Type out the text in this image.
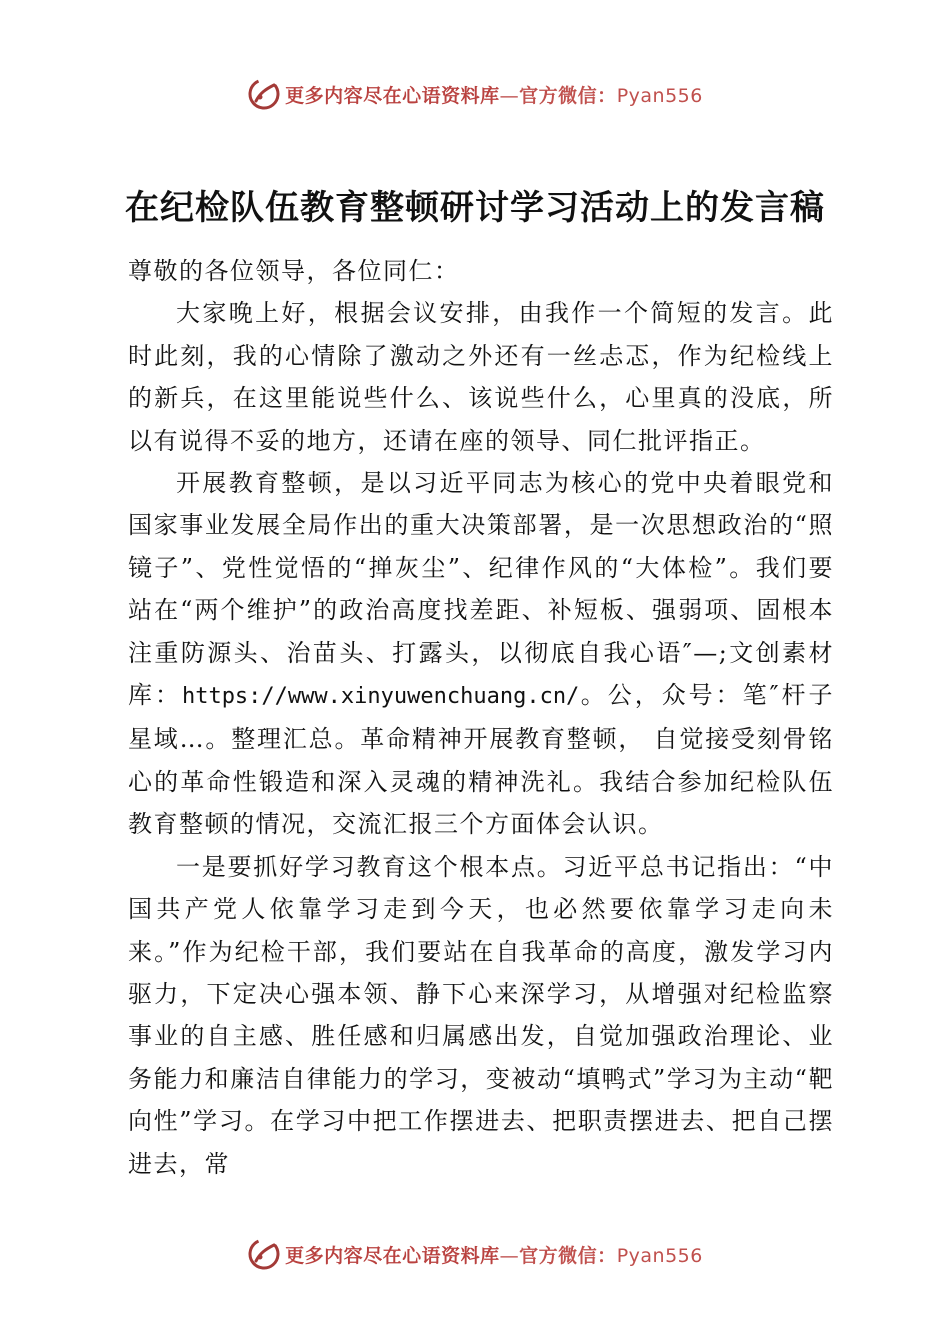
更多内容尽在心语资料库—官方微信：Pyan556
在纪检队伍教育整顿研讨学习活动上的发言稿

尊敬的各位领导，各位同仁：

大家晚上好，根据会议安排，由我作一个简短的发言。此时此刻，我的心情除了激动之外还有一丝忐忑，作为纪检线上的新兵，在这里能说些什么、该说些什么，心里真的没底，所以有说得不妥的地方，还请在座的领导、同仁批评指正。

开展教育整顿，是以习近平同志为核心的党中央着眼党和国家事业发展全局作出的重大决策部署，是一次思想政治的“照镜子”、党性觉悟的“掸灰尘”、纪律作风的“大体检”。我们要站在“两个维护”的政治高度找差距、补短板、强弱项、固根本注重防源头、治苗头、打露头，以彻底自我心语″—;文创素材库：https://www.xinyuwenchuang.cn/。公，众号：笔″杆子星域…。整理汇总。革命精神开展教育整顿， 自觉接受刻骨铭心的革命性锻造和深入灵魂的精神洗礼。我结合参加纪检队伍教育整顿的情况，交流汇报三个方面体会认识。

一是要抓好学习教育这个根本点。习近平总书记指出：“中国共产党人依靠学习走到今天，也必然要依靠学习走向未来。”作为纪检干部，我们要站在自我革命的高度，激发学习内驱力，下定决心强本领、静下心来深学习，从增强对纪检监察事业的自主感、胜任感和归属感出发，自觉加强政治理论、业务能力和廉洁自律能力的学习，变被动“填鸭式”学习为主动“靶向性”学习。在学习中把工作摆进去、把职责摆进去、把自己摆进去，常

更多内容尽在心语资料库—官方微信：Pyan556
